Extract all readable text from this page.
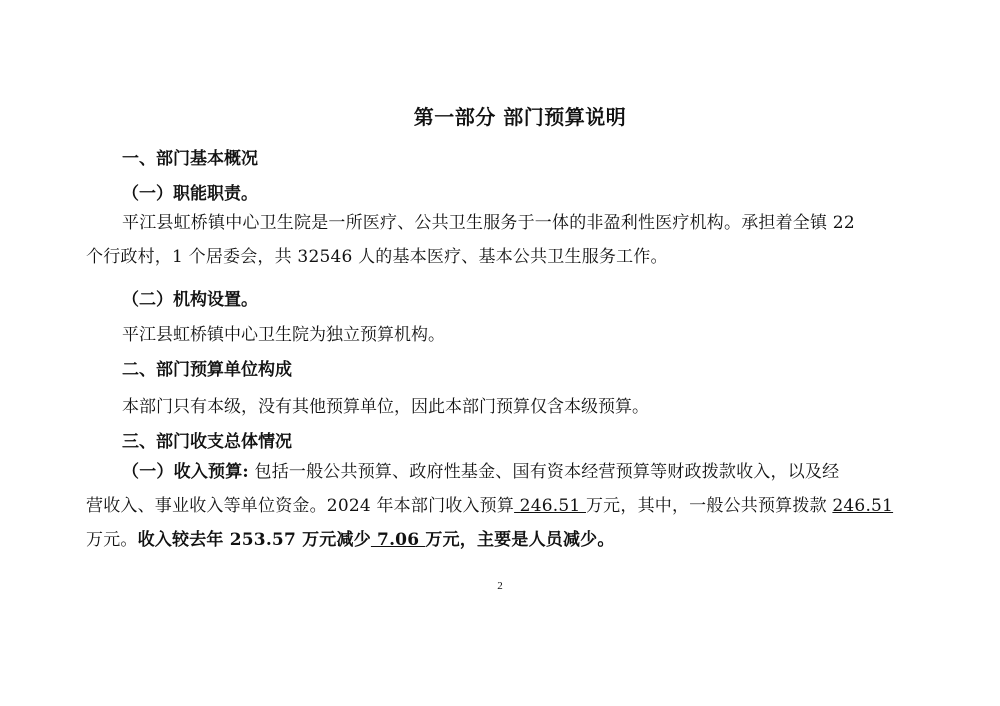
第一部分 部门预算说明
一、部门基本概况
（一）职能职责。
平江县虹桥镇中心卫生院是一所医疗、公共卫生服务于一体的非盈利性医疗机构。承担着全镇 22
个行政村，1 个居委会，共 32546 人的基本医疗、基本公共卫生服务工作。
（二）机构设置。
平江县虹桥镇中心卫生院为独立预算机构。
二、部门预算单位构成
本部门只有本级，没有其他预算单位，因此本部门预算仅含本级预算。
三、部门收支总体情况
（一）收入预算: 包括一般公共预算、政府性基金、国有资本经营预算等财政拨款收入，以及经
营收入、事业收入等单位资金。2024 年本部门收入预算 246.51 万元，其中，一般公共预算拨款 246.51
万元。收入较去年 253.57 万元减少 7.06 万元，主要是人员减少。
2
